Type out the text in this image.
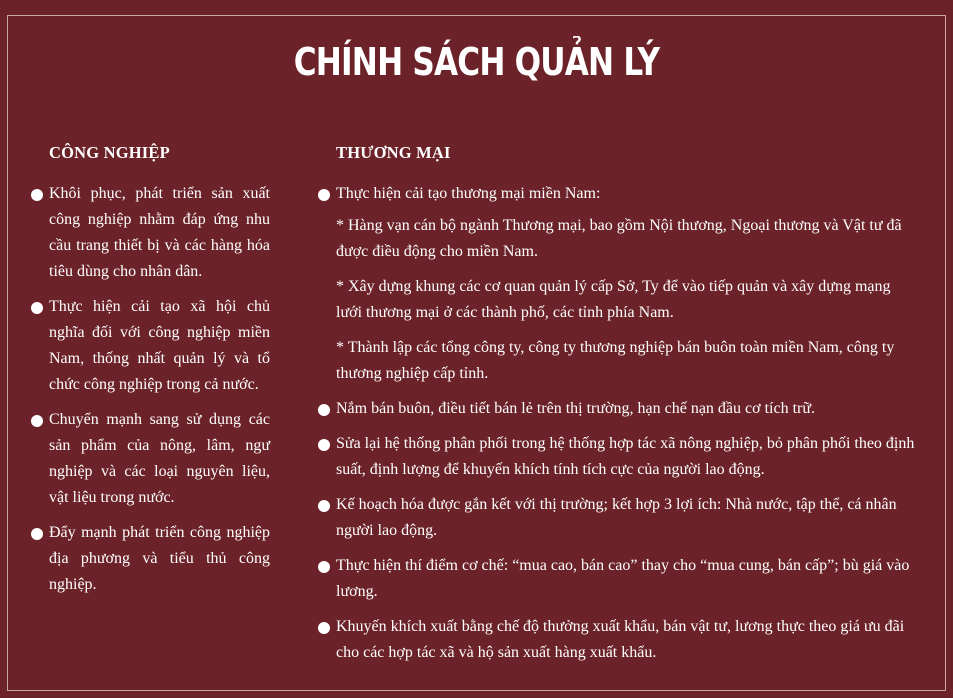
CHÍNH SÁCH QUẢN LÝ
CÔNG NGHIỆP
Khôi phục, phát triển sản xuất công nghiệp nhằm đáp ứng nhu cầu trang thiết bị và các hàng hóa tiêu dùng cho nhân dân.
Thực hiện cải tạo xã hội chủ nghĩa đối với công nghiệp miền Nam, thống nhất quản lý và tổ chức công nghiệp trong cả nước.
Chuyển mạnh sang sử dụng các sản phẩm của nông, lâm, ngư nghiệp và các loại nguyên liệu, vật liệu trong nước.
Đẩy mạnh phát triển công nghiệp địa phương và tiểu thủ công nghiệp.
THƯƠNG MẠI
Thực hiện cải tạo thương mại miền Nam:
* Hàng vạn cán bộ ngành Thương mại, bao gồm Nội thương, Ngoại thương và Vật tư đã được điều động cho miền Nam.
* Xây dựng khung các cơ quan quản lý cấp Sở, Ty để vào tiếp quản và xây dựng mạng lưới thương mại ở các thành phố, các tỉnh phía Nam.
* Thành lập các tổng công ty, công ty thương nghiệp bán buôn toàn miền Nam, công ty thương nghiệp cấp tỉnh.
Nắm bán buôn, điều tiết bán lẻ trên thị trường, hạn chế nạn đầu cơ tích trữ.
Sửa lại hệ thống phân phối trong hệ thống hợp tác xã nông nghiệp, bỏ phân phối theo định suất, định lượng để khuyến khích tính tích cực của người lao động.
Kế hoạch hóa được gắn kết với thị trường; kết hợp 3 lợi ích: Nhà nước, tập thể, cá nhân người lao động.
Thực hiện thí điểm cơ chế: “mua cao, bán cao” thay cho “mua cung, bán cấp”; bù giá vào lương.
Khuyến khích xuất bằng chế độ thưởng xuất khẩu, bán vật tư, lương thực theo giá ưu đãi cho các hợp tác xã và hộ sản xuất hàng xuất khẩu.
